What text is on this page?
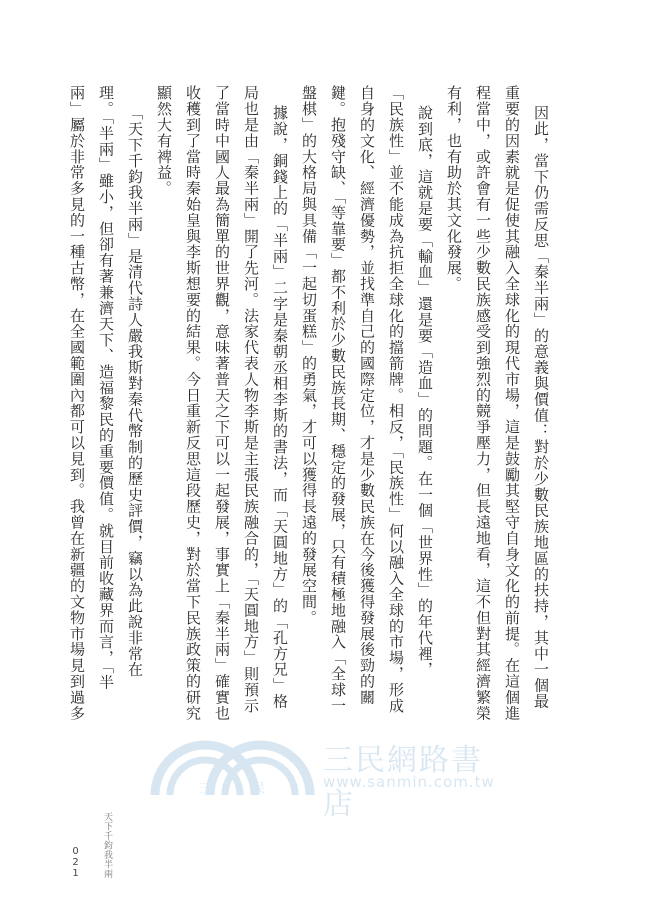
因此，當下仍需反思「秦半兩」的意義與價值：對於少數民族地區的扶持，其中一個最
重要的因素就是促使其融入全球化的現代市場，這是鼓勵其堅守自身文化的前提。在這個進
程當中，或許會有一些少數民族感受到強烈的競爭壓力，但長遠地看，這不但對其經濟繁榮
有利，也有助於其文化發展。
說到底，這就是要「輸血」還是要「造血」的問題。在一個「世界性」的年代裡，
「民族性」並不能成為抗拒全球化的擋箭牌。相反，「民族性」何以融入全球的市場，形成
自身的文化、經濟優勢，並找準自己的國際定位，才是少數民族在今後獲得發展後勁的關
鍵。抱殘守缺、「等靠要」都不利於少數民族長期、穩定的發展，只有積極地融入「全球一
盤棋」的大格局與具備「一起切蛋糕」的勇氣，才可以獲得長遠的發展空間。
據說，銅錢上的「半兩」二字是秦朝丞相李斯的書法，而「天圓地方」的「孔方兄」格
局也是由「秦半兩」開了先河。法家代表人物李斯是主張民族融合的，「天圓地方」則預示
了當時中國人最為簡單的世界觀，意味著普天之下可以一起發展，事實上「秦半兩」確實也
收穫到了當時秦始皇與李斯想要的結果。今日重新反思這段歷史，對於當下民族政策的研究
顯然大有裨益。
「天下千鈞我半兩」是清代詩人嚴我斯對秦代幣制的歷史評價，竊以為此說非常在
理。「半兩」雖小，但卻有著兼濟天下、造福黎民的重要價值。就目前收藏界而言，「半
兩」屬於非常多見的一種古幣，在全國範圍內都可以見到。我曾在新疆的文物市場見到過多
三	民
三民網路書店
www.sanmin.com.tw
天下千鈞我半兩
021
